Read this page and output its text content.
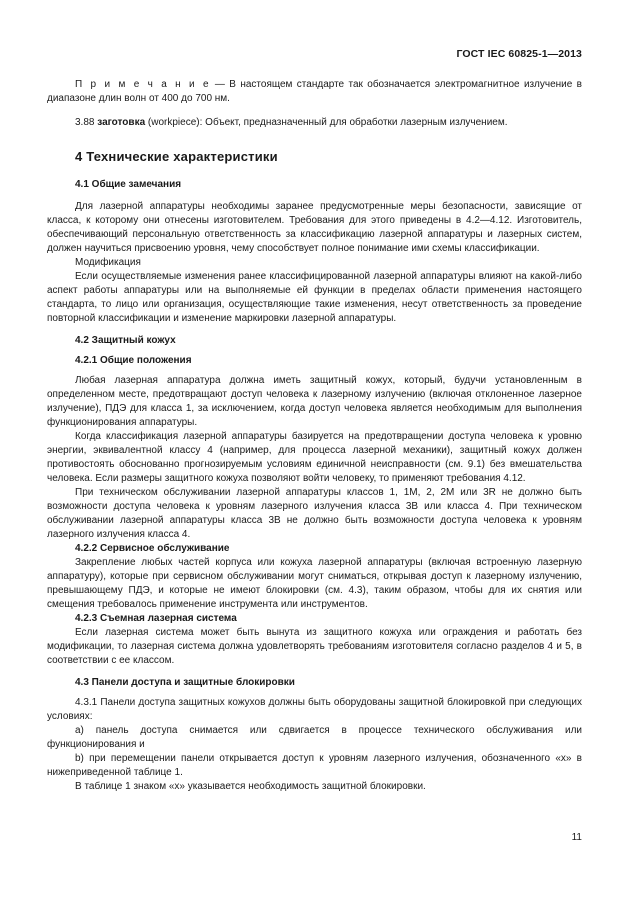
ГОСТ IEC 60825-1—2013

П р и м е ч а н и е — В настоящем стандарте так обозначается электромагнитное излучение в диапазоне длин волн от 400 до 700 нм.

3.88 заготовка (workpiece): Объект, предназначенный для обработки лазерным излучением.

4 Технические характеристики
4.1 Общие замечания

Для лазерной аппаратуры необходимы заранее предусмотренные меры безопасности, зависящие от класса, к которому они отнесены изготовителем. Требования для этого приведены в 4.2—4.12. Изготовитель, обеспечивающий персональную ответственность за классификацию лазерной аппаратуры и лазерных систем, должен научиться присвоению уровня, чему способствует полное понимание ими схемы классификации.

Модификация

Если осуществляемые изменения ранее классифицированной лазерной аппаратуры влияют на какой-либо аспект работы аппаратуры или на выполняемые ей функции в пределах области применения настоящего стандарта, то лицо или организация, осуществляющие такие изменения, несут ответственность за проведение повторной классификации и изменение маркировки лазерной аппаратуры.

4.2 Защитный кожух
4.2.1 Общие положения

Любая лазерная аппаратура должна иметь защитный кожух, который, будучи установленным в определенном месте, предотвращают доступ человека к лазерному излучению (включая отклоненное лазерное излучение), ПДЭ для класса 1, за исключением, когда доступ человека является необходимым для выполнения функционирования аппаратуры.

Когда классификация лазерной аппаратуры базируется на предотвращении доступа человека к уровню энергии, эквивалентной классу 4 (например, для процесса лазерной механики), защитный кожух должен противостоять обоснованно прогнозируемым условиям единичной неисправности (см. 9.1) без вмешательства человека. Если размеры защитного кожуха позволяют войти человеку, то применяют требования 4.12.

При техническом обслуживании лазерной аппаратуры классов 1, 1М, 2, 2М или 3R не должно быть возможности доступа человека к уровням лазерного излучения класса 3В или класса 4. При техническом обслуживании лазерной аппаратуры класса 3В не должно быть возможности доступа человека к уровням лазерного излучения класса 4.

4.2.2 Сервисное обслуживание

Закрепление любых частей корпуса или кожуха лазерной аппаратуры (включая встроенную лазерную аппаратуру), которые при сервисном обслуживании могут сниматься, открывая доступ к лазерному излучению, превышающему ПДЭ, и которые не имеют блокировки (см. 4.3), таким образом, чтобы для их снятия или смещения требовалось применение инструмента или инструментов.

4.2.3 Съемная лазерная система

Если лазерная система может быть вынута из защитного кожуха или ограждения и работать без модификации, то лазерная система должна удовлетворять требованиям изготовителя согласно разделов 4 и 5, в соответствии с ее классом.

4.3 Панели доступа и защитные блокировки

4.3.1 Панели доступа защитных кожухов должны быть оборудованы защитной блокировкой при следующих условиях:

а) панель доступа снимается или сдвигается в процессе технического обслуживания или функционирования и

b) при перемещении панели открывается доступ к уровням лазерного излучения, обозначенного «х» в нижеприведенной таблице 1.

В таблице 1 знаком «х» указывается необходимость защитной блокировки.

11
